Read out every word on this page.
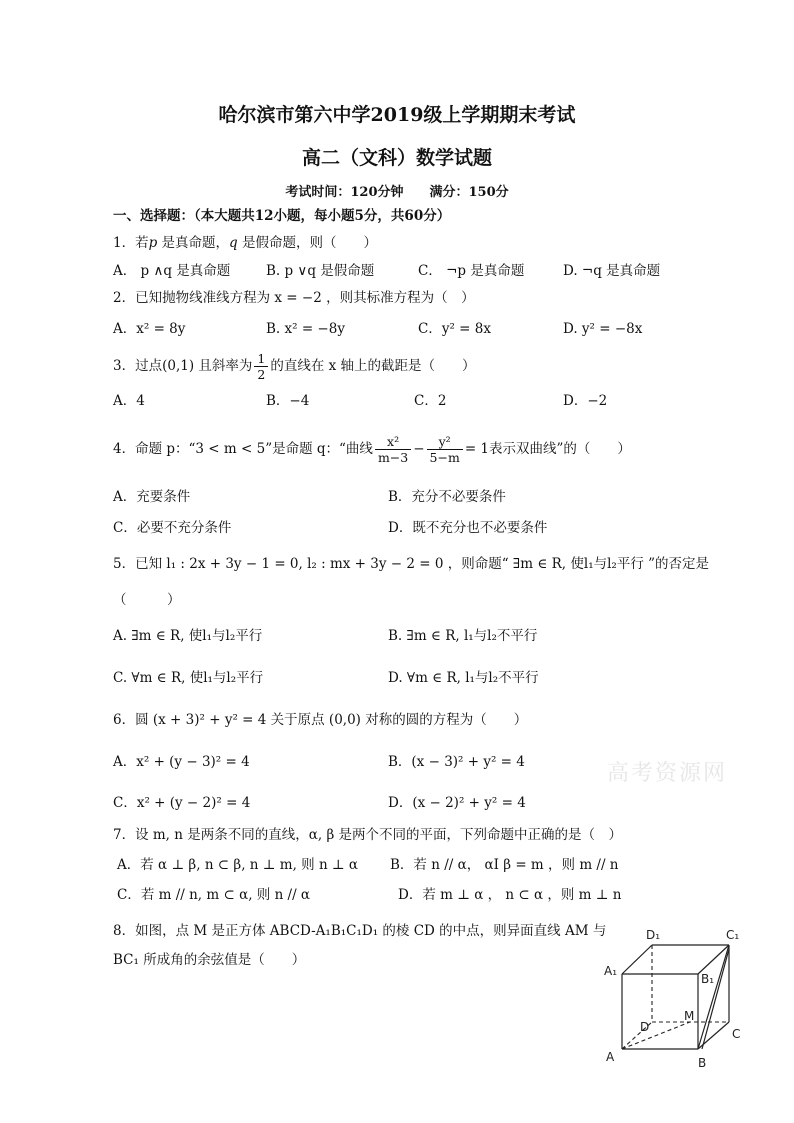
哈尔滨市第六中学2019级上学期期末考试
高二（文科）数学试题
考试时间：120分钟　　满分：150分
一、选择题：（本大题共12小题，每小题5分，共60分）
1．若p 是真命题，q 是假命题，则（　　）
A． p ∧q 是真命题	B. p ∨q 是假命题	C． ¬p 是真命题	D. ¬q 是真命题
2．已知抛物线准线方程为 x = −2 ，则其标准方程为（　）
A．x² = 8y	B. x² = −8y	C．y² = 8x	D. y² = −8x
3．过点(0,1) 且斜率为 $\frac{1}{2}$ 的直线在 x 轴上的截距是（　　）
A．4	B．−4	C．2	D．−2
4．命题 p：“3 < m < 5”是命题 q：“曲线 $\frac{\text{x²}}{m-3} - \frac{\text{y²}}{5-m} = 1$表示双曲线”的（　　）
A．充要条件	B．充分不必要条件
C．必要不充分条件	D．既不充分也不必要条件
5．已知 l₁ : 2x + 3y − 1 = 0, l₂ : mx + 3y − 2 = 0 ，则命题“ ∃m ∈ R, 使l₁与l₂平行 ”的否定是
（　　　）
A. ∃m ∈ R, 使l₁与l₂平行	B. ∃m ∈ R, l₁与l₂不平行
C. ∀m ∈ R, 使l₁与l₂平行	D. ∀m ∈ R, l₁与l₂不平行
6．圆 (x + 3)² + y² = 4 关于原点 (0,0) 对称的圆的方程为（　　）
A．x² + (y − 3)² = 4	B．(x − 3)² + y² = 4
C．x² + (y − 2)² = 4	D．(x − 2)² + y² = 4
高考资源网
7．设 m, n 是两条不同的直线，α, β 是两个不同的平面，下列命题中正确的是（　）
A．若 α ⊥ β, n ⊂ β, n ⊥ m, 则 n ⊥ α B．若 n // α， αI β = m ，则 m // n
C．若 m // n, m ⊂ α, 则 n // α	D．若 m ⊥ α ， n ⊂ α ，则 m ⊥ n
8．如图，点 M 是正方体 ABCD-A₁B₁C₁D₁ 的棱 CD 的中点，则异面直线 AM 与
BC₁ 所成角的余弦值是（　　）
D₁	C₁
A₁
B₁
D
M
C
A	B
